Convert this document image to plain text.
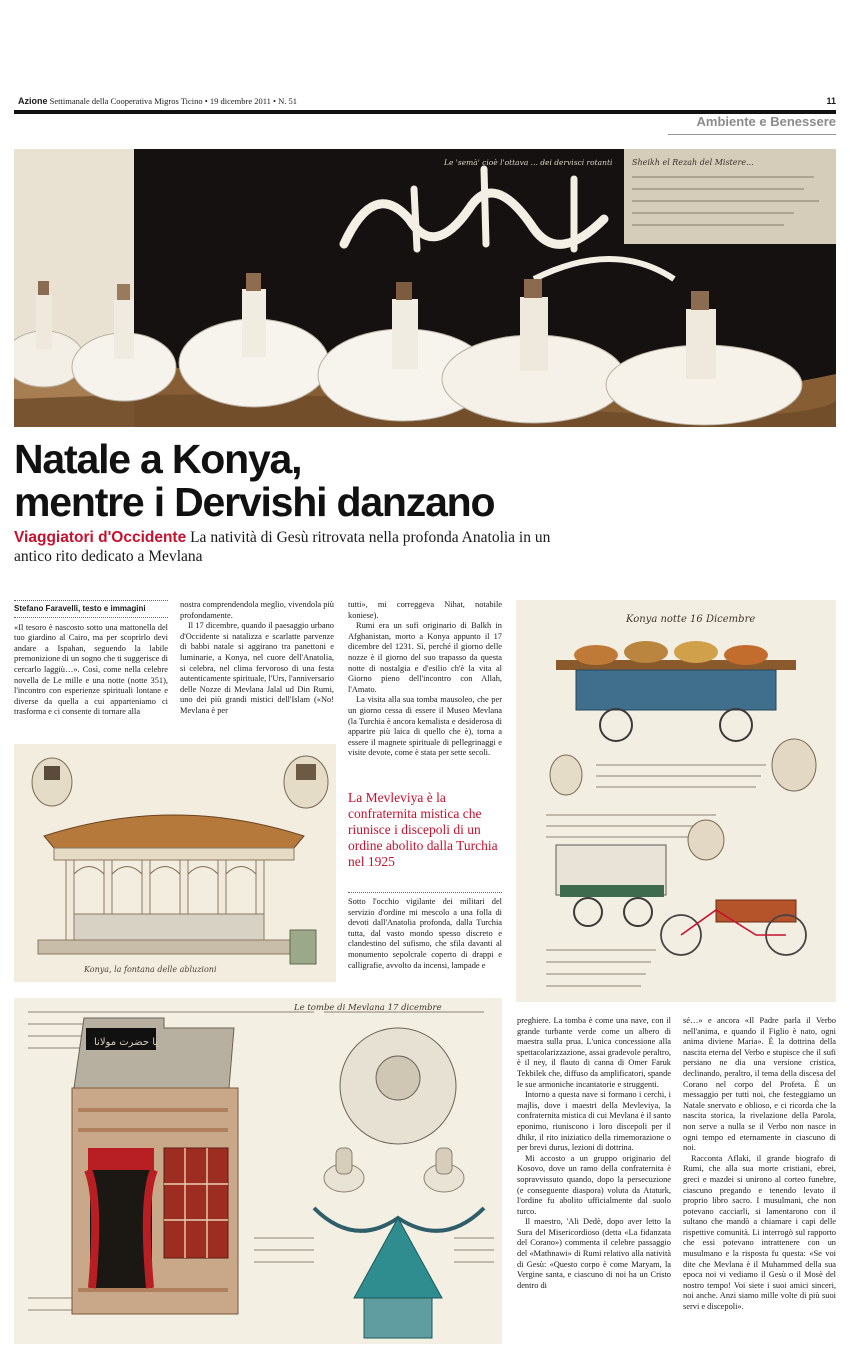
Azione Settimanale della Cooperativa Migros Ticino • 19 dicembre 2011 • N. 51	11
Ambiente e Benessere
Sheikh el Rezah del Mistere...
Le 'semà' cioè l'ottava ... dei dervisci rotanti
Natale a Konya,
mentre i Dervishi danzano
Viaggiatori d'Occidente La natività di Gesù ritrovata nella profonda Anatolia in un antico rito dedicato a Mevlana
Stefano Faravelli, testo e immagini

«Il tesoro è nascosto sotto una mattonella del tuo giardino al Cairo, ma per scoprirlo devi andare a Ispahan, seguendo la labile premonizione di un sogno che ti suggerisce di cercarlo laggiù…». Così, come nella celebre novella de Le mille e una notte (notte 351), l'incontro con esperienze spirituali lontane e diverse da quella a cui apparteniamo ci trasforma e ci consente di tornare alla

nostra comprendendola meglio, vivendola più profondamente.

Il 17 dicembre, quando il paesaggio urbano d'Occidente si natalizza e scarlatte parvenze di babbi natale si aggirano tra panettoni e luminarie, a Konya, nel cuore dell'Anatolia, si celebra, nel clima fervoroso di una festa autenticamente spirituale, l'Urs, l'anniversario delle Nozze di Mevlana Jalal ud Din Rumi, uno dei più grandi mistici dell'Islam («No! Mevlana è per

tutti», mi correggeva Nihat, notabile koniese).

Rumi era un sufi originario di Balkh in Afghanistan, morto a Konya appunto il 17 dicembre del 1231. Sì, perché il giorno delle nozze è il giorno del suo trapasso da questa notte di nostalgia e d'esilio ch'è la vita al Giorno pieno dell'incontro con Allah, l'Amato.

La visita alla sua tomba mausoleo, che per un giorno cessa di essere il Museo Mevlana (la Turchia è ancora kemalista e desiderosa di apparire più laica di quello che è), torna a essere il magnete spirituale di pellegrinaggi e visite devote, come è stata per sette secoli.

La Mevleviya è la confraternita mistica che riunisce i discepoli di un ordine abolito dalla Turchia nel 1925

Sotto l'occhio vigilante dei militari del servizio d'ordine mi mescolo a una folla di devoti dall'Anatolia profonda, dalla Turchia tutta, dal vasto mondo spesso discreto e clandestino del sufismo, che sfila davanti al monumento sepolcrale coperto di drappi e calligrafie, avvolto da incensi, lampade e

preghiere. La tomba è come una nave, con il grande turbante verde come un albero di maestra sulla prua. L'unica concessione alla spettacolarizzazione, assai gradevole peraltro, è il ney, il flauto di canna di Omer Faruk Tekbilek che, diffuso da amplificatori, spande le sue armoniche incantatorie e struggenti.

Intorno a questa nave si formano i cerchi, i majlis, dove i maestri della Mevleviya, la confraternita mistica di cui Mevlana è il santo eponimo, riuniscono i loro discepoli per il dhikr, il rito iniziatico della rimemorazione o per brevi durus, lezioni di dottrina.

Mi accosto a un gruppo originario del Kosovo, dove un ramo della confraternita è sopravvissuto quando, dopo la persecuzione (e conseguente diaspora) voluta da Ataturk, l'ordine fu abolito ufficialmente dal suolo turco.

Il maestro, 'Ali Dedè, dopo aver letto la Sura del Misericordioso (detta «La fidanzata del Corano») commenta il celebre passaggio del «Mathnawi» di Rumi relativo alla natività di Gesù: «Questo corpo è come Maryam, la Vergine santa, e ciascuno di noi ha un Cristo dentro di

sé…» e ancora «Il Padre parla il Verbo nell'anima, e quando il Figlio è nato, ogni anima diviene Maria». È la dottrina della nascita eterna del Verbo e stupisce che il sufi persiano ne dia una versione cristica, declinando, peraltro, il tema della discesa del Corano nel corpo del Profeta. È un messaggio per tutti noi, che festeggiamo un Natale snervato e oblioso, e ci ricorda che la nascita storica, la rivelazione della Parola, non serve a nulla se il Verbo non nasce in ogni tempo ed eternamente in ciascuno di noi.

Racconta Aflaki, il grande biografo di Rumi, che alla sua morte cristiani, ebrei, greci e mazdei si unirono al corteo funebre, ciascuno pregando e tenendo levato il proprio libro sacro. I musulmani, che non potevano cacciarli, si lamentarono con il sultano che mandò a chiamare i capi delle rispettive comunità. Li interrogò sul rapporto che essi potevano intrattenere con un musulmano e la risposta fu questa: «Se voi dite che Mevlana è il Muhammed della sua epoca noi vi vediamo il Gesù o il Mosè del nostro tempo! Voi siete i suoi amici sinceri, noi anche. Anzi siamo mille volte di più suoi servi e discepoli».

Konya, la fontana delle abluzioni
Konya notte 16 Dicembre
Le tombe di Mevlana 17 dicembre
يا حضرت مولانا
